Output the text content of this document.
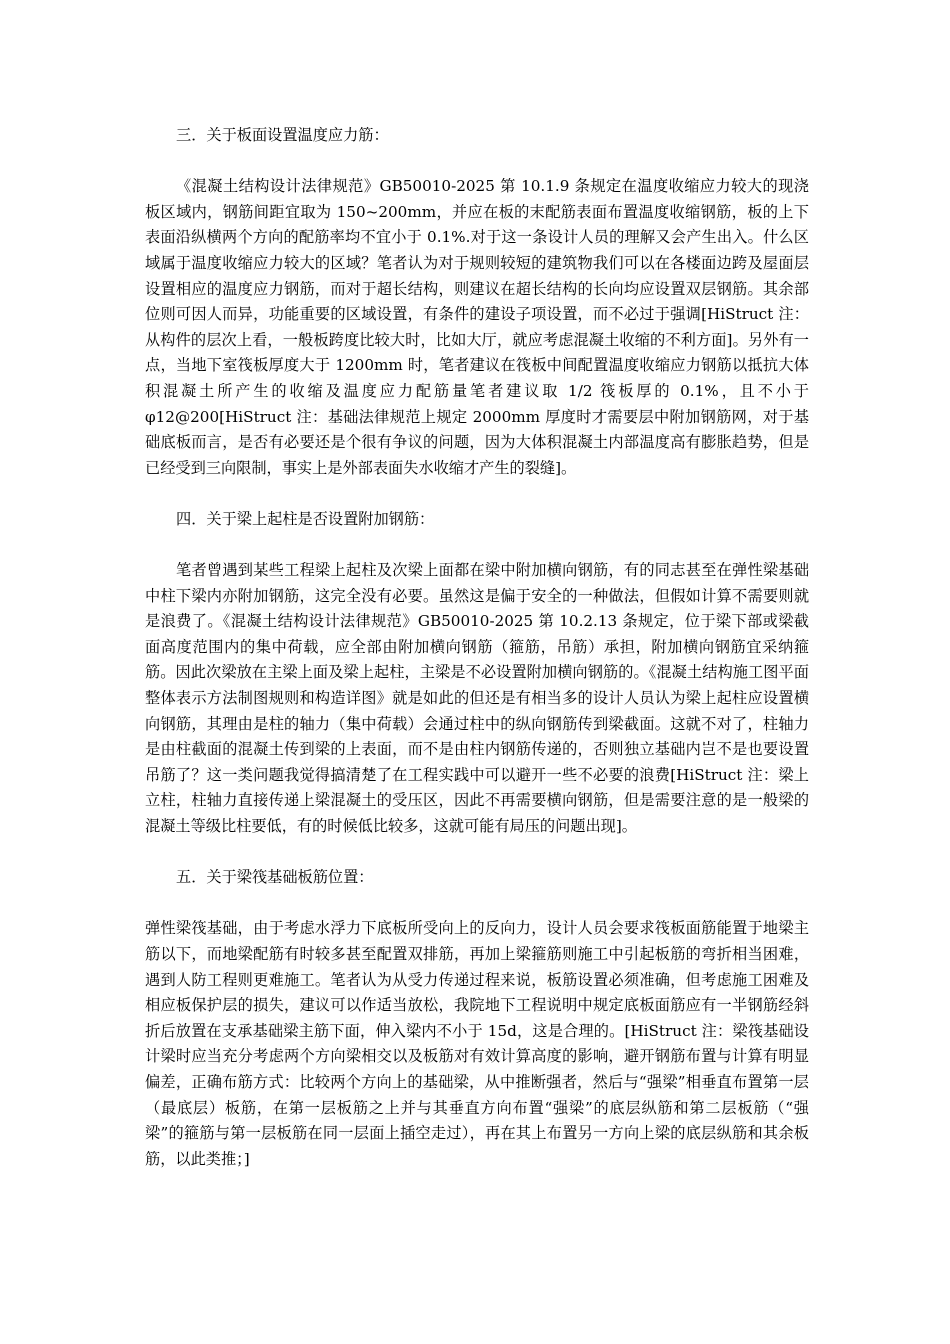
三．关于板面设置温度应力筋：

《混凝土结构设计法律规范》GB50010-2025 第 10.1.9 条规定在温度收缩应力较大的现浇板区域内，钢筋间距宜取为 150~200mm，并应在板的末配筋表面布置温度收缩钢筋，板的上下表面沿纵横两个方向的配筋率均不宜小于 0.1%.对于这一条设计人员的理解又会产生出入。什么区域属于温度收缩应力较大的区域？笔者认为对于规则较短的建筑物我们可以在各楼面边跨及屋面层设置相应的温度应力钢筋，而对于超长结构，则建议在超长结构的长向均应设置双层钢筋。其余部位则可因人而异，功能重要的区域设置，有条件的建设子项设置，而不必过于强调[HiStruct 注：从构件的层次上看，一般板跨度比较大时，比如大厅，就应考虑混凝土收缩的不利方面]。另外有一点，当地下室筏板厚度大于 1200mm 时，笔者建议在筏板中间配置温度收缩应力钢筋以抵抗大体积混凝土所产生的收缩及温度应力配筋量笔者建议取 1/2 筏板厚的 0.1%，且不小于 φ12@200[HiStruct 注：基础法律规范上规定 2000mm 厚度时才需要层中附加钢筋网，对于基础底板而言，是否有必要还是个很有争议的问题，因为大体积混凝土内部温度高有膨胀趋势，但是已经受到三向限制，事实上是外部表面失水收缩才产生的裂缝]。

四．关于梁上起柱是否设置附加钢筋：

笔者曾遇到某些工程梁上起柱及次梁上面都在梁中附加横向钢筋，有的同志甚至在弹性梁基础中柱下梁内亦附加钢筋，这完全没有必要。虽然这是偏于安全的一种做法，但假如计算不需要则就是浪费了。《混凝土结构设计法律规范》GB50010-2025 第 10.2.13 条规定，位于梁下部或梁截面高度范围内的集中荷载，应全部由附加横向钢筋（箍筋，吊筋）承担，附加横向钢筋宜采纳箍筋。因此次梁放在主梁上面及梁上起柱，主梁是不必设置附加横向钢筋的。《混凝土结构施工图平面整体表示方法制图规则和构造详图》就是如此的但还是有相当多的设计人员认为梁上起柱应设置横向钢筋，其理由是柱的轴力（集中荷载）会通过柱中的纵向钢筋传到梁截面。这就不对了，柱轴力是由柱截面的混凝土传到梁的上表面，而不是由柱内钢筋传递的，否则独立基础内岂不是也要设置吊筋了？这一类问题我觉得搞清楚了在工程实践中可以避开一些不必要的浪费[HiStruct 注：梁上立柱，柱轴力直接传递上梁混凝土的受压区，因此不再需要横向钢筋，但是需要注意的是一般梁的混凝土等级比柱要低，有的时候低比较多，这就可能有局压的问题出现]。

五．关于梁筏基础板筋位置：

弹性梁筏基础，由于考虑水浮力下底板所受向上的反向力，设计人员会要求筏板面筋能置于地梁主筋以下，而地梁配筋有时较多甚至配置双排筋，再加上梁箍筋则施工中引起板筋的弯折相当困难，遇到人防工程则更难施工。笔者认为从受力传递过程来说，板筋设置必须准确，但考虑施工困难及相应板保护层的损失，建议可以作适当放松，我院地下工程说明中规定底板面筋应有一半钢筋经斜折后放置在支承基础梁主筋下面，伸入梁内不小于 15d，这是合理的。[HiStruct 注：梁筏基础设计梁时应当充分考虑两个方向梁相交以及板筋对有效计算高度的影响，避开钢筋布置与计算有明显偏差，正确布筋方式：比较两个方向上的基础梁，从中推断强者，然后与“强梁”相垂直布置第一层（最底层）板筋，在第一层板筋之上并与其垂直方向布置“强梁”的底层纵筋和第二层板筋（“强梁”的箍筋与第一层板筋在同一层面上插空走过），再在其上布置另一方向上梁的底层纵筋和其余板筋，以此类推；]
